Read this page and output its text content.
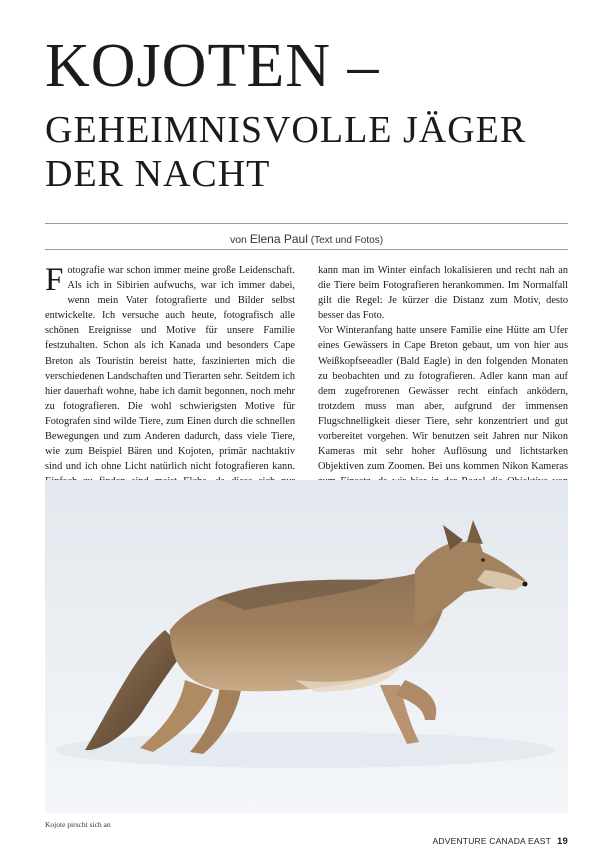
KOJOTEN –
GEHEIMNISVOLLE JÄGER
DER NACHT
von Elena Paul (Text und Fotos)

Fotografie war schon immer meine große Leidenschaft. Als ich in Sibirien aufwuchs, war ich immer dabei, wenn mein Vater fotografierte und Bilder selbst entwickelte. Ich versuche auch heute, fotografisch alle schönen Ereignisse und Motive für unsere Familie festzuhalten. Schon als ich Kanada und besonders Cape Breton als Touristin bereist hatte, faszinierten mich die verschiedenen Landschaften und Tierarten sehr. Seitdem ich hier dauerhaft wohne, habe ich damit begonnen, noch mehr zu fotografieren. Die wohl schwierigsten Motive für Fotografen sind wilde Tiere, zum Einen durch die schnellen Bewegungen und zum Anderen dadurch, dass viele Tiere, wie zum Beispiel Bären und Kojoten, primär nachtaktiv sind und ich ohne Licht natürlich nicht fotografieren kann.

kann man im Winter einfach lokalisieren und recht nah an die Tiere beim Fotografieren herankommen. Im Normalfall gilt die Regel: Je kürzer die Distanz zum Motiv, desto besser das Foto.

Vor Winteranfang hatte unsere Familie eine Hütte am Ufer eines Gewässers in Cape Breton gebaut, um von hier aus Weißkopfseeadler (Bald Eagle) in den folgenden Monaten zu beobachten und zu fotografieren. Adler kann man auf dem zugefrorenen Gewässer recht einfach anködern, trotzdem muss man aber, aufgrund der immensen Flugschnelligkeit dieser Tiere, sehr konzentriert und gut vorbereitet vorgehen. Wir benutzen seit Jahren nur Nikon Kameras mit sehr hoher Auflösung und lichtstarken Objektiven zum Zoomen. Bei uns kommen Nikon Kameras

Kojote pirscht sich an
ADVENTURE CANADA EAST 19
